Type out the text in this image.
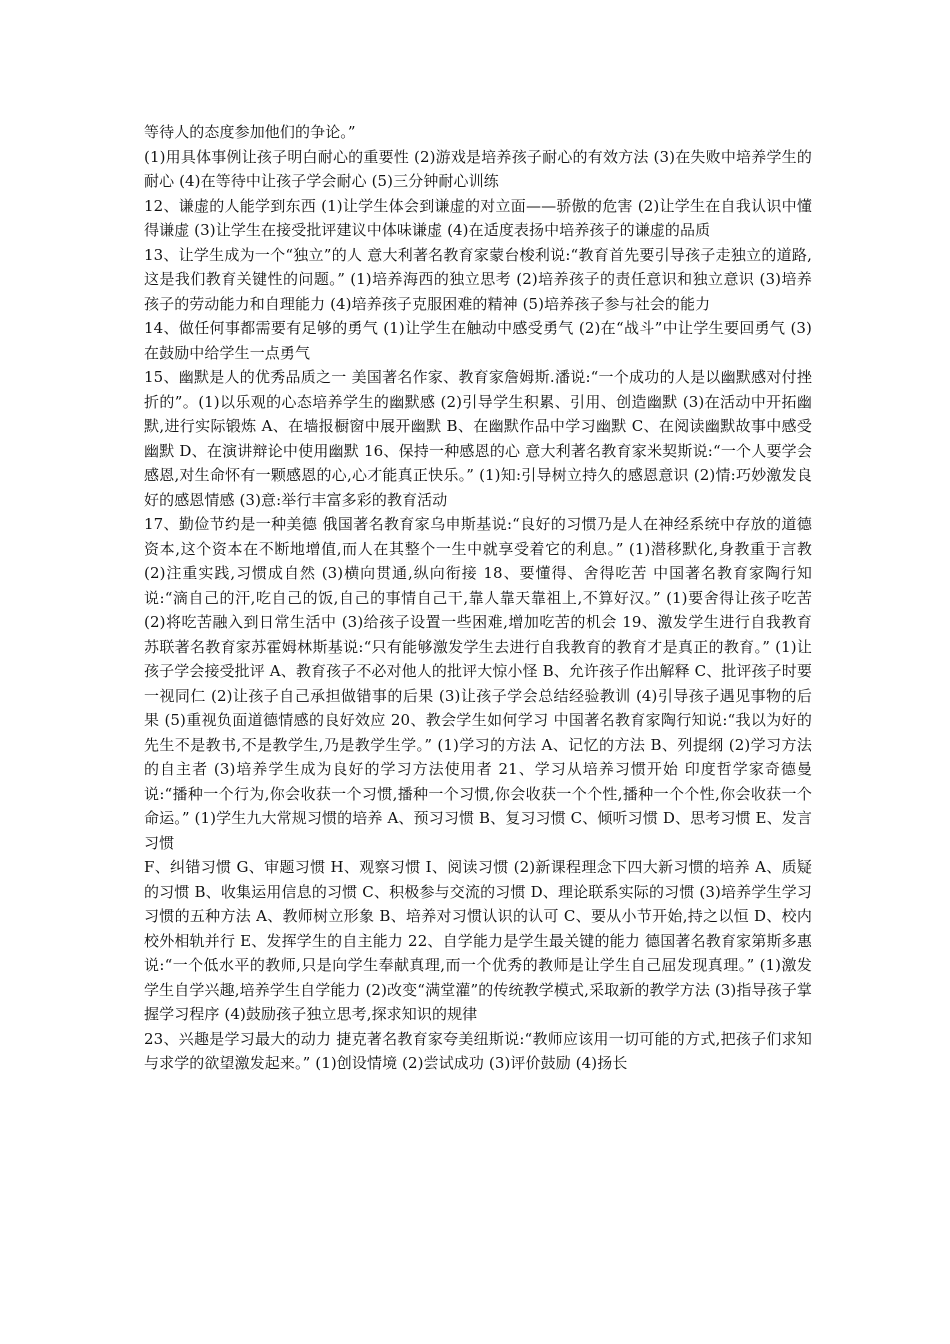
等待人的态度参加他们的争论。”

(1)用具体事例让孩子明白耐心的重要性 (2)游戏是培养孩子耐心的有效方法 (3)在失败中培养学生的耐心 (4)在等待中让孩子学会耐心 (5)三分钟耐心训练

12、谦虚的人能学到东西 (1)让学生体会到谦虚的对立面——骄傲的危害 (2)让学生在自我认识中懂得谦虚 (3)让学生在接受批评建议中体味谦虚 (4)在适度表扬中培养孩子的谦虚的品质

13、让学生成为一个“独立”的人 意大利著名教育家蒙台梭利说:“教育首先要引导孩子走独立的道路,这是我们教育关键性的问题。” (1)培养海西的独立思考 (2)培养孩子的责任意识和独立意识 (3)培养孩子的劳动能力和自理能力 (4)培养孩子克服困难的精神 (5)培养孩子参与社会的能力

14、做任何事都需要有足够的勇气 (1)让学生在触动中感受勇气 (2)在“战斗”中让学生要回勇气 (3)在鼓励中给学生一点勇气

15、幽默是人的优秀品质之一 美国著名作家、教育家詹姆斯.潘说:“一个成功的人是以幽默感对付挫折的”。(1)以乐观的心态培养学生的幽默感 (2)引导学生积累、引用、创造幽默 (3)在活动中开拓幽默,进行实际锻炼 A、在墙报橱窗中展开幽默 B、在幽默作品中学习幽默 C、在阅读幽默故事中感受幽默 D、在演讲辩论中使用幽默 16、保持一种感恩的心 意大利著名教育家米契斯说:“一个人要学会感恩,对生命怀有一颗感恩的心,心才能真正快乐。” (1)知:引导树立持久的感恩意识 (2)情:巧妙激发良好的感恩情感 (3)意:举行丰富多彩的教育活动

17、勤俭节约是一种美德 俄国著名教育家乌申斯基说:“良好的习惯乃是人在神经系统中存放的道德资本,这个资本在不断地增值,而人在其整个一生中就享受着它的利息。” (1)潜移默化,身教重于言教 (2)注重实践,习惯成自然 (3)横向贯通,纵向衔接 18、要懂得、舍得吃苦 中国著名教育家陶行知说:“滴自己的汗,吃自己的饭,自己的事情自己干,靠人靠天靠祖上,不算好汉。” (1)要舍得让孩子吃苦 (2)将吃苦融入到日常生活中 (3)给孩子设置一些困难,增加吃苦的机会 19、激发学生进行自我教育 苏联著名教育家苏霍姆林斯基说:“只有能够激发学生去进行自我教育的教育才是真正的教育。” (1)让孩子学会接受批评 A、教育孩子不必对他人的批评大惊小怪 B、允许孩子作出解释 C、批评孩子时要一视同仁 (2)让孩子自己承担做错事的后果 (3)让孩子学会总结经验教训 (4)引导孩子遇见事物的后果 (5)重视负面道德情感的良好效应 20、教会学生如何学习 中国著名教育家陶行知说:“我以为好的先生不是教书,不是教学生,乃是教学生学。” (1)学习的方法 A、记忆的方法 B、列提纲 (2)学习方法的自主者 (3)培养学生成为良好的学习方法使用者 21、学习从培养习惯开始 印度哲学家奇德曼说:“播种一个行为,你会收获一个习惯,播种一个习惯,你会收获一个个性,播种一个个性,你会收获一个命运。” (1)学生九大常规习惯的培养 A、预习习惯 B、复习习惯 C、倾听习惯 D、思考习惯 E、发言习惯

F、纠错习惯 G、审题习惯 H、观察习惯 I、阅读习惯 (2)新课程理念下四大新习惯的培养 A、质疑的习惯 B、收集运用信息的习惯 C、积极参与交流的习惯 D、理论联系实际的习惯 (3)培养学生学习习惯的五种方法 A、教师树立形象 B、培养对习惯认识的认可 C、要从小节开始,持之以恒 D、校内校外相轨并行 E、发挥学生的自主能力 22、自学能力是学生最关键的能力 德国著名教育家第斯多惠说:“一个低水平的教师,只是向学生奉献真理,而一个优秀的教师是让学生自己屈发现真理。” (1)激发学生自学兴趣,培养学生自学能力 (2)改变“满堂灌”的传统教学模式,采取新的教学方法 (3)指导孩子掌握学习程序 (4)鼓励孩子独立思考,探求知识的规律

23、兴趣是学习最大的动力 捷克著名教育家夸美纽斯说:“教师应该用一切可能的方式,把孩子们求知与求学的欲望激发起来。” (1)创设情境 (2)尝试成功 (3)评价鼓励 (4)扬长
